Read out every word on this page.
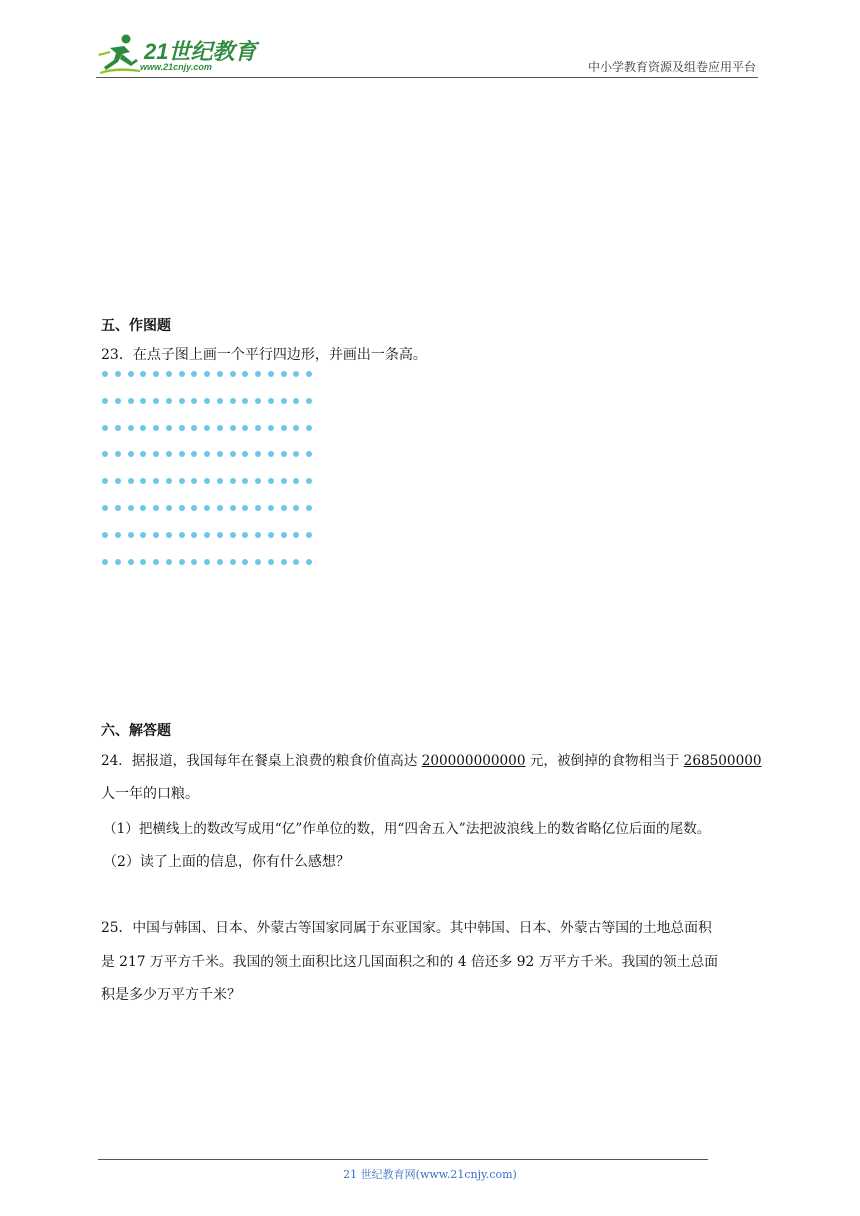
21世纪教育
www.21cnjy.com	中小学教育资源及组卷应用平台
五、作图题
23．在点子图上画一个平行四边形，并画出一条高。
六、解答题
24．据报道，我国每年在餐桌上浪费的粮食价值高达 200000000000 元，被倒掉的食物相当于 268500000
人一年的口粮。
（1）把横线上的数改写成用“亿”作单位的数，用“四舍五入”法把波浪线上的数省略亿位后面的尾数。
（2）读了上面的信息，你有什么感想？
25．中国与韩国、日本、外蒙古等国家同属于东亚国家。其中韩国、日本、外蒙古等国的土地总面积
是 217 万平方千米。我国的领土面积比这几国面积之和的 4 倍还多 92 万平方千米。我国的领土总面
积是多少万平方千米？
21 世纪教育网(www.21cnjy.com)
